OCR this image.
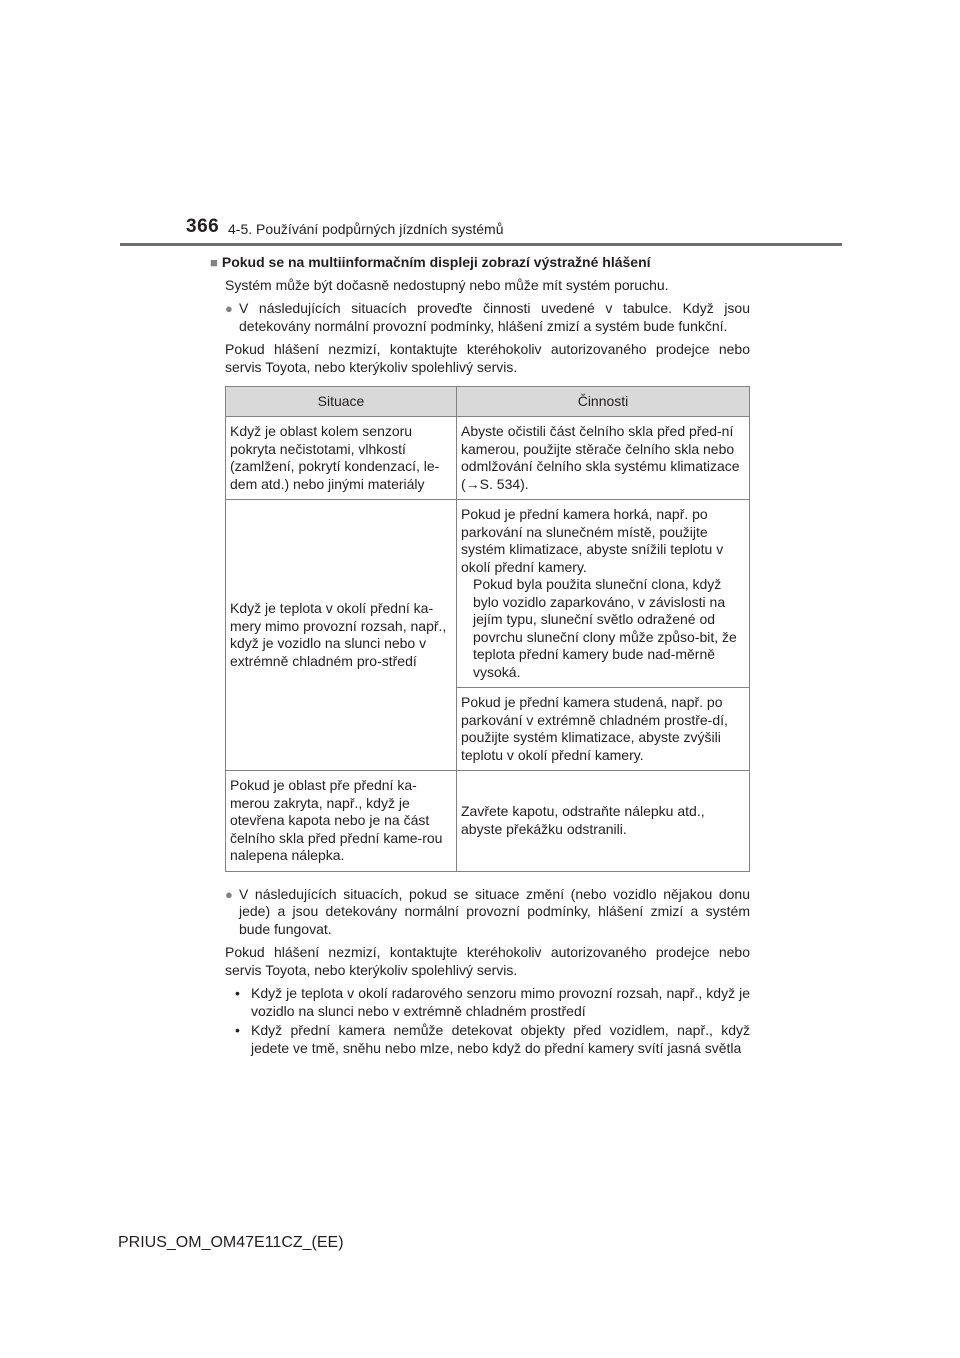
366 4-5. Používání podpůrných jízdních systémů
■ Pokud se na multiinformačním displeji zobrazí výstražné hlášení

Systém může být dočasně nedostupný nebo může mít systém poruchu.

● V následujících situacích proveďte činnosti uvedené v tabulce. Když jsou detekovány normální provozní podmínky, hlášení zmizí a systém bude funkční.

Pokud hlášení nezmizí, kontaktujte kteréhokoliv autorizovaného prodejce nebo servis Toyota, nebo kterýkoliv spolehlivý servis.

Situace	Činnosti
Když je oblast kolem senzoru pokryta nečistotami, vlhkostí (zamlžení, pokrytí kondenzací, le-dem atd.) nebo jinými materiály	Abyste očistili část čelního skla před před-ní kamerou, použijte stěrače čelního skla nebo odmlžování čelního skla systému klimatizace (→S. 534).
Když je teplota v okolí přední ka-mery mimo provozní rozsah, např., když je vozidlo na slunci nebo v extrémně chladném pro-středí	Pokud je přední kamera horká, např. po parkování na slunečném místě, použijte systém klimatizace, abyste snížili teplotu v okolí přední kamery.
Pokud byla použita sluneční clona, když bylo vozidlo zaparkováno, v závislosti na jejím typu, sluneční světlo odražené od povrchu sluneční clony může způso-bit, že teplota přední kamery bude nad-měrně vysoká.

	Pokud je přední kamera studená, např. po parkování v extrémně chladném prostře-dí, použijte systém klimatizace, abyste zvýšili teplotu v okolí přední kamery.
Pokud je oblast pře přední ka-merou zakryta, např., když je otevřena kapota nebo je na část čelního skla před přední kame-rou nalepena nálepka.	Zavřete kapotu, odstraňte nálepku atd., abyste překážku odstranili.
● V následujících situacích, pokud se situace změní (nebo vozidlo nějakou donu jede) a jsou detekovány normální provozní podmínky, hlášení zmizí a systém bude fungovat.

Pokud hlášení nezmizí, kontaktujte kteréhokoliv autorizovaného prodejce nebo servis Toyota, nebo kterýkoliv spolehlivý servis.

• Když je teplota v okolí radarového senzoru mimo provozní rozsah, např., když je vozidlo na slunci nebo v extrémně chladném prostředí
• Když přední kamera nemůže detekovat objekty před vozidlem, např., když jedete ve tmě, sněhu nebo mlze, nebo když do přední kamery svítí jasná světla
PRIUS_OM_OM47E11CZ_(EE)
